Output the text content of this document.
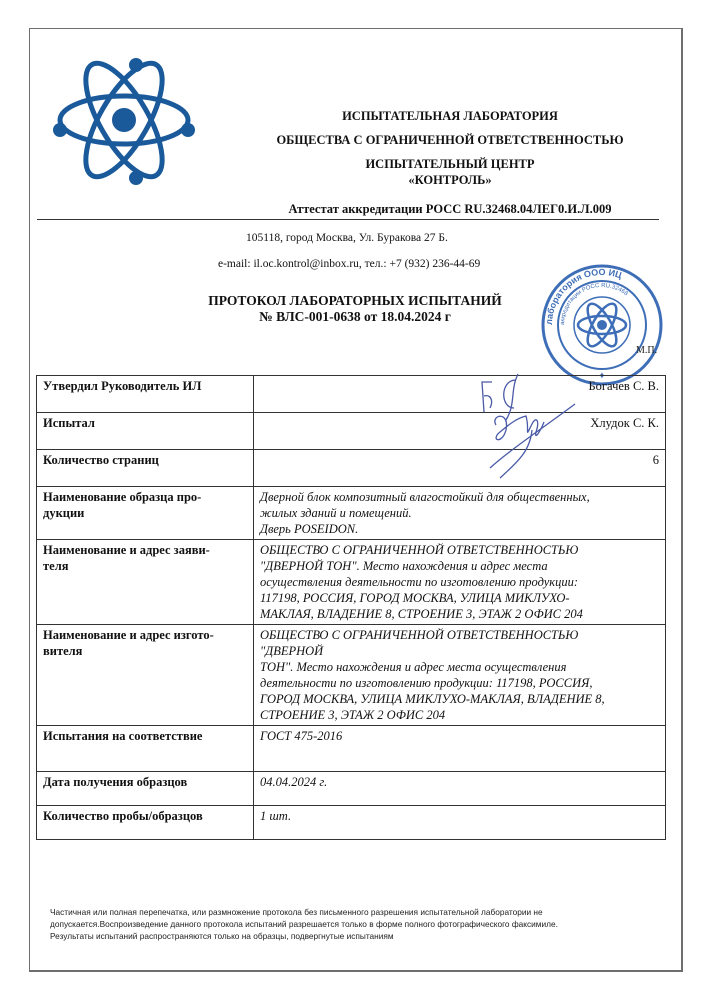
ИСПЫТАТЕЛЬНАЯ ЛАБОРАТОРИЯ
ОБЩЕСТВА С ОГРАНИЧЕННОЙ ОТВЕТСТВЕННОСТЬЮ
ИСПЫТАТЕЛЬНЫЙ ЦЕНТР
«КОНТРОЛЬ»
Аттестат аккредитации РОСС RU.32468.04ЛЕГ0.И.Л.009
105118, город Москва, Ул. Буракова 27 Б.
e-mail: il.oc.kontrol@inbox.ru, тел.: +7 (932) 236-44-69
ПРОТОКОЛ ЛАБОРАТОРНЫХ ИСПЫТАНИЙ
№ ВЛС-001-0638 от 18.04.2024 г	лаборатория ООО ИЦ
аккредитации РОСС RU.32468
✦
М.П.
Утвердил Руководитель ИЛ	Богачев С. В.
Испытал	Хлудок С. К.
Количество страниц	6

Наименование образца про-
дукции

Дверной блок композитный влагостойкий для общественных,
жилых зданий и помещений.
Дверь POSEIDON.

Наименование и адрес заяви-
теля

ОБЩЕСТВО С ОГРАНИЧЕННОЙ ОТВЕТСТВЕННОСТЬЮ
"ДВЕРНОЙ ТОН". Место нахождения и адрес места
осуществления деятельности по изготовлению продукции:
117198, РОССИЯ, ГОРОД МОСКВА, УЛИЦА МИКЛУХО-
МАКЛАЯ, ВЛАДЕНИЕ 8, СТРОЕНИЕ 3, ЭТАЖ 2 ОФИС 204

Наименование и адрес изгото-
вителя

ОБЩЕСТВО С ОГРАНИЧЕННОЙ ОТВЕТСТВЕННОСТЬЮ
"ДВЕРНОЙ
ТОН". Место нахождения и адрес места осуществления
деятельности по изготовлению продукции: 117198, РОССИЯ,
ГОРОД МОСКВА, УЛИЦА МИКЛУХО-МАКЛАЯ, ВЛАДЕНИЕ 8,
СТРОЕНИЕ 3, ЭТАЖ 2 ОФИС 204

Испытания на соответствие	ГОСТ 475-2016
Дата получения образцов	04.04.2024 г.
Количество пробы/образцов	1 шт.
Частичная или полная перепечатка, или размножение протокола без письменного разрешения испытательной лаборатории не
допускается.Воспроизведение данного протокола испытаний разрешается только в форме полного фотографического факсимиле.
Результаты испытаний распространяются только на образцы, подвергнутые испытаниям
